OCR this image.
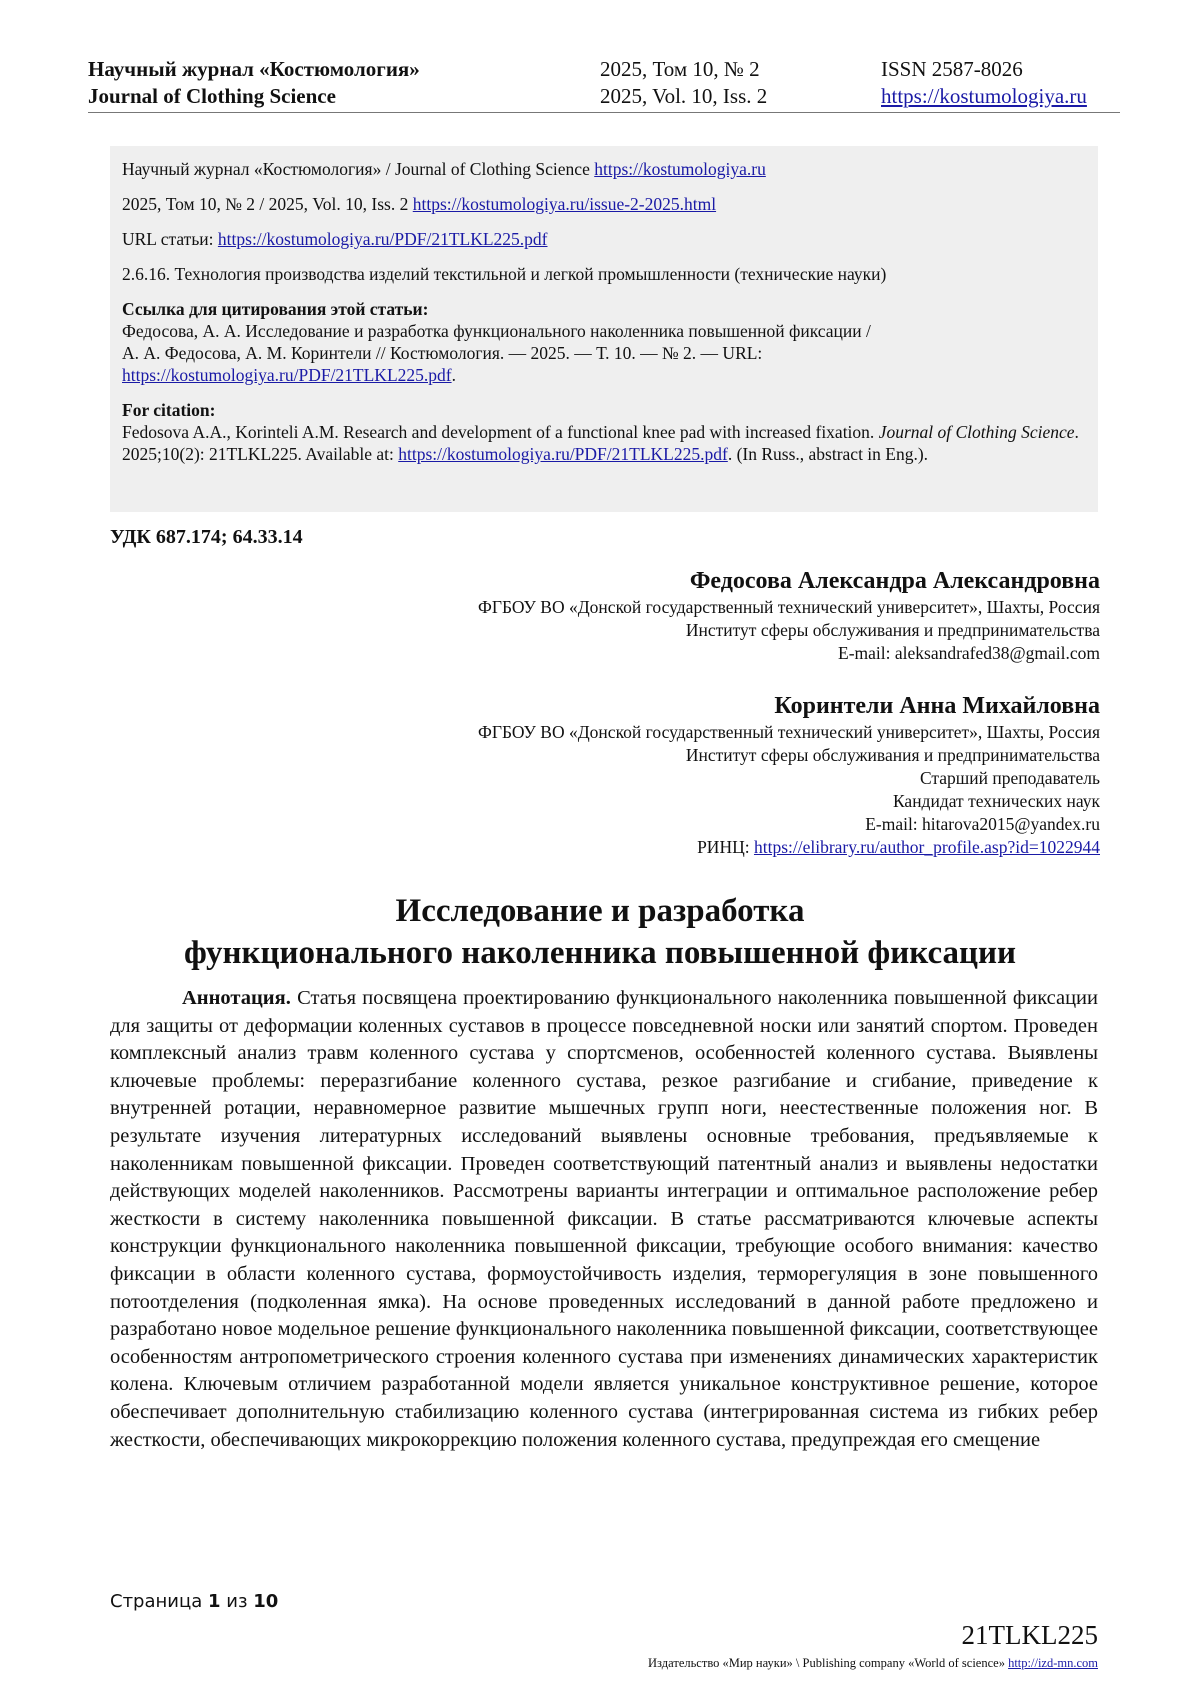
Научный журнал «Костюмология»
Journal of Clothing Science
2025, Том 10, № 2
2025, Vol. 10, Iss. 2
ISSN 2587-8026
https://kostumologiya.ru

Научный журнал «Костюмология» / Journal of Clothing Science https://kostumologiya.ru

2025, Том 10, № 2 / 2025, Vol. 10, Iss. 2 https://kostumologiya.ru/issue-2-2025.html

URL статьи: https://kostumologiya.ru/PDF/21TLKL225.pdf

2.6.16. Технология производства изделий текстильной и легкой промышленности (технические науки)

Ссылка для цитирования этой статьи:

Федосова, А. А. Исследование и разработка функционального наколенника повышенной фиксации /

А. А. Федосова, А. М. Коринтели // Костюмология. — 2025. — Т. 10. — № 2. — URL:

https://kostumologiya.ru/PDF/21TLKL225.pdf.

For citation:

Fedosova A.A., Korinteli A.M. Research and development of a functional knee pad with increased fixation. Journal of Clothing Science. 2025;10(2): 21TLKL225. Available at: https://kostumologiya.ru/PDF/21TLKL225.pdf. (In Russ., abstract in Eng.).

УДК 687.174; 64.33.14
Федосова Александра Александровна
ФГБОУ ВО «Донской государственный технический университет», Шахты, Россия
Институт сферы обслуживания и предпринимательства
E-mail: aleksandrafed38@gmail.com
Коринтели Анна Михайловна
ФГБОУ ВО «Донской государственный технический университет», Шахты, Россия
Институт сферы обслуживания и предпринимательства
Старший преподаватель
Кандидат технических наук
E-mail: hitarova2015@yandex.ru
РИНЦ: https://elibrary.ru/author_profile.asp?id=1022944
Исследование и разработка
функционального наколенника повышенной фиксации
Аннотация. Статья посвящена проектированию функционального наколенника повышенной фиксации для защиты от деформации коленных суставов в процессе повседневной носки или занятий спортом. Проведен комплексный анализ травм коленного сустава у спортсменов, особенностей коленного сустава. Выявлены ключевые проблемы: переразгибание коленного сустава, резкое разгибание и сгибание, приведение к внутренней ротации, неравномерное развитие мышечных групп ноги, неестественные положения ног. В результате изучения литературных исследований выявлены основные требования, предъявляемые к наколенникам повышенной фиксации. Проведен соответствующий патентный анализ и выявлены недостатки действующих моделей наколенников. Рассмотрены варианты интеграции и оптимальное расположение ребер жесткости в систему наколенника повышенной фиксации. В статье рассматриваются ключевые аспекты конструкции функционального наколенника повышенной фиксации, требующие особого внимания: качество фиксации в области коленного сустава, формоустойчивость изделия, терморегуляция в зоне повышенного потоотделения (подколенная ямка). На основе проведенных исследований в данной работе предложено и разработано новое модельное решение функционального наколенника повышенной фиксации, соответствующее особенностям антропометрического строения коленного сустава при изменениях динамических характеристик колена. Ключевым отличием разработанной модели является уникальное конструктивное решение, которое обеспечивает дополнительную стабилизацию коленного сустава (интегрированная система из гибких ребер жесткости, обеспечивающих микрокоррекцию положения коленного сустава, предупреждая его смещение
Страница 1 из 10
21TLKL225
Издательство «Мир науки» \ Publishing company «World of science» http://izd-mn.com
